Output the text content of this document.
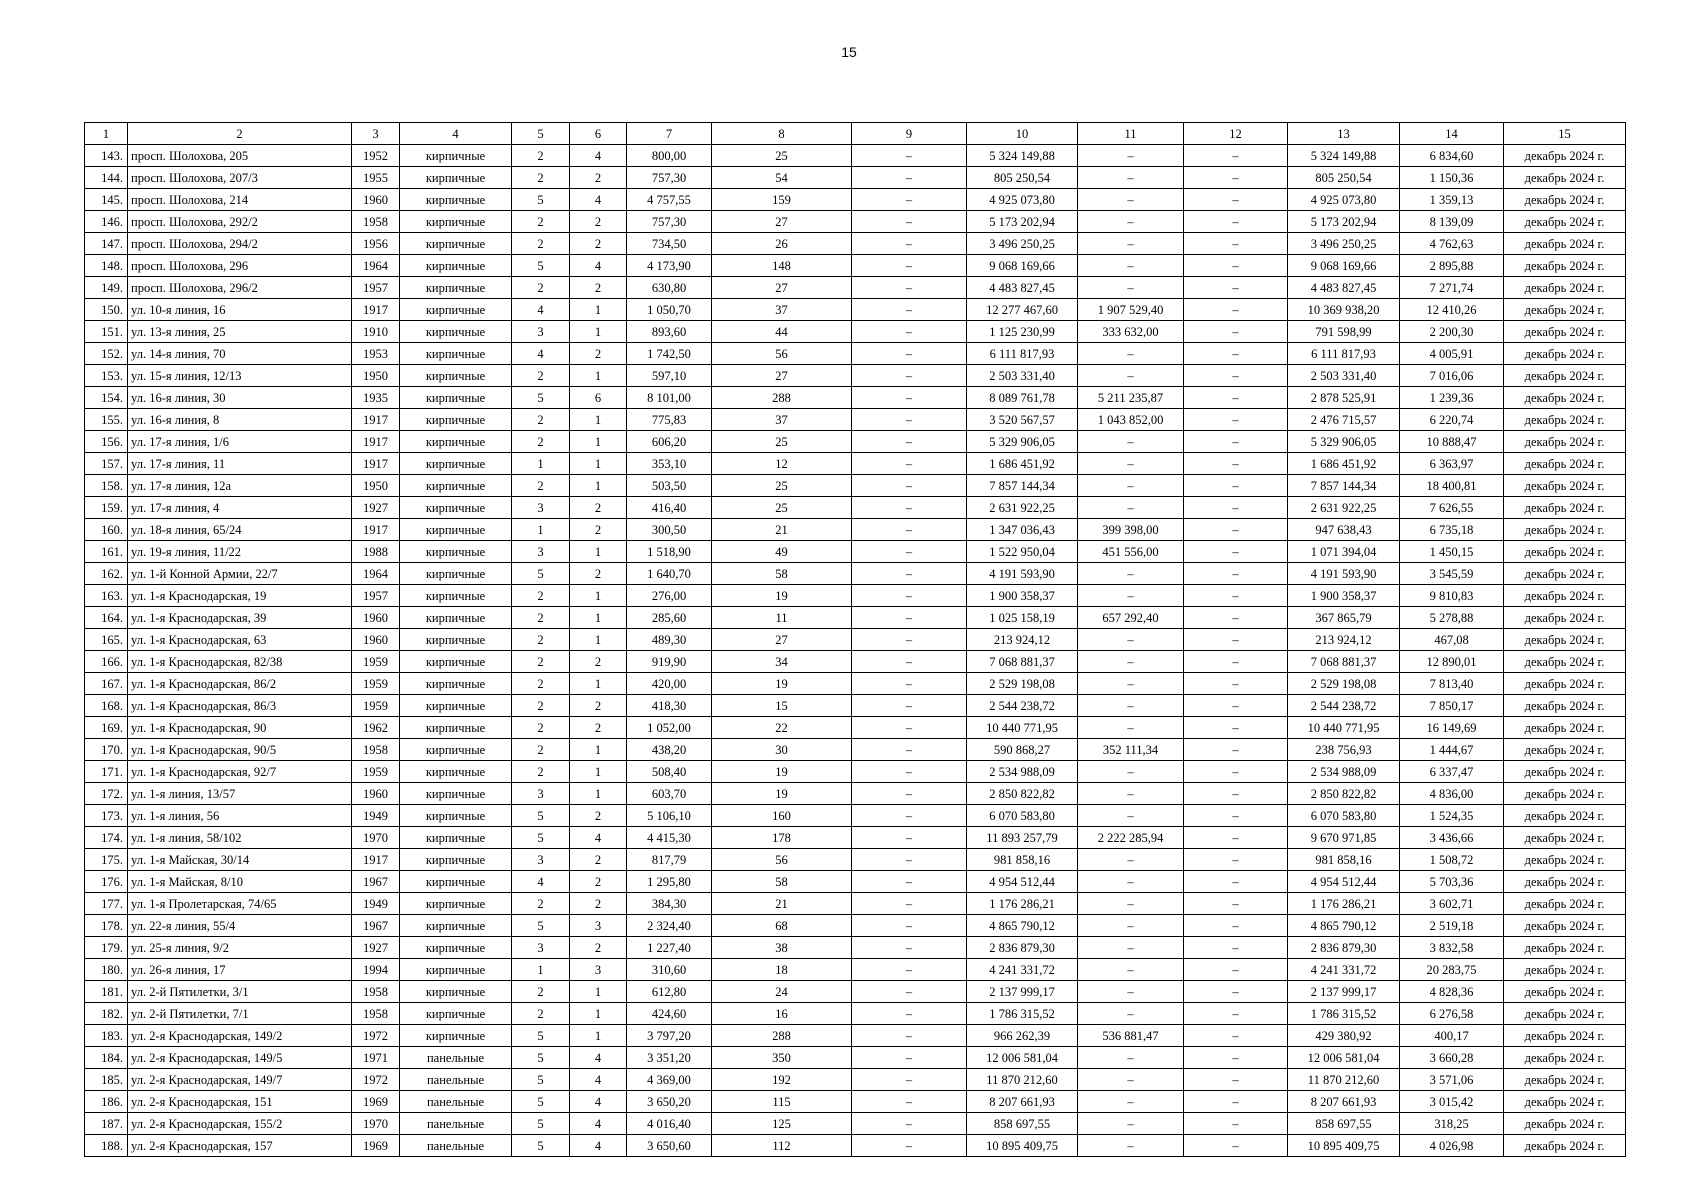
15
1	2	3	4	5	6	7	8	9	10	11	12	13	14	15
143.	просп. Шолохова, 205	1952	кирпичные	2	4	800,00	25	–	5 324 149,88	–	–	5 324 149,88	6 834,60	декабрь 2024 г.
144.	просп. Шолохова, 207/3	1955	кирпичные	2	2	757,30	54	–	805 250,54	–	–	805 250,54	1 150,36	декабрь 2024 г.
145.	просп. Шолохова, 214	1960	кирпичные	5	4	4 757,55	159	–	4 925 073,80	–	–	4 925 073,80	1 359,13	декабрь 2024 г.
146.	просп. Шолохова, 292/2	1958	кирпичные	2	2	757,30	27	–	5 173 202,94	–	–	5 173 202,94	8 139,09	декабрь 2024 г.
147.	просп. Шолохова, 294/2	1956	кирпичные	2	2	734,50	26	–	3 496 250,25	–	–	3 496 250,25	4 762,63	декабрь 2024 г.
148.	просп. Шолохова, 296	1964	кирпичные	5	4	4 173,90	148	–	9 068 169,66	–	–	9 068 169,66	2 895,88	декабрь 2024 г.
149.	просп. Шолохова, 296/2	1957	кирпичные	2	2	630,80	27	–	4 483 827,45	–	–	4 483 827,45	7 271,74	декабрь 2024 г.
150.	ул. 10-я линия, 16	1917	кирпичные	4	1	1 050,70	37	–	12 277 467,60	1 907 529,40	–	10 369 938,20	12 410,26	декабрь 2024 г.
151.	ул. 13-я линия, 25	1910	кирпичные	3	1	893,60	44	–	1 125 230,99	333 632,00	–	791 598,99	2 200,30	декабрь 2024 г.
152.	ул. 14-я линия, 70	1953	кирпичные	4	2	1 742,50	56	–	6 111 817,93	–	–	6 111 817,93	4 005,91	декабрь 2024 г.
153.	ул. 15-я линия, 12/13	1950	кирпичные	2	1	597,10	27	–	2 503 331,40	–	–	2 503 331,40	7 016,06	декабрь 2024 г.
154.	ул. 16-я линия, 30	1935	кирпичные	5	6	8 101,00	288	–	8 089 761,78	5 211 235,87	–	2 878 525,91	1 239,36	декабрь 2024 г.
155.	ул. 16-я линия, 8	1917	кирпичные	2	1	775,83	37	–	3 520 567,57	1 043 852,00	–	2 476 715,57	6 220,74	декабрь 2024 г.
156.	ул. 17-я линия, 1/6	1917	кирпичные	2	1	606,20	25	–	5 329 906,05	–	–	5 329 906,05	10 888,47	декабрь 2024 г.
157.	ул. 17-я линия, 11	1917	кирпичные	1	1	353,10	12	–	1 686 451,92	–	–	1 686 451,92	6 363,97	декабрь 2024 г.
158.	ул. 17-я линия, 12а	1950	кирпичные	2	1	503,50	25	–	7 857 144,34	–	–	7 857 144,34	18 400,81	декабрь 2024 г.
159.	ул. 17-я линия, 4	1927	кирпичные	3	2	416,40	25	–	2 631 922,25	–	–	2 631 922,25	7 626,55	декабрь 2024 г.
160.	ул. 18-я линия, 65/24	1917	кирпичные	1	2	300,50	21	–	1 347 036,43	399 398,00	–	947 638,43	6 735,18	декабрь 2024 г.
161.	ул. 19-я линия, 11/22	1988	кирпичные	3	1	1 518,90	49	–	1 522 950,04	451 556,00	–	1 071 394,04	1 450,15	декабрь 2024 г.
162.	ул. 1-й Конной Армии, 22/7	1964	кирпичные	5	2	1 640,70	58	–	4 191 593,90	–	–	4 191 593,90	3 545,59	декабрь 2024 г.
163.	ул. 1-я Краснодарская, 19	1957	кирпичные	2	1	276,00	19	–	1 900 358,37	–	–	1 900 358,37	9 810,83	декабрь 2024 г.
164.	ул. 1-я Краснодарская, 39	1960	кирпичные	2	1	285,60	11	–	1 025 158,19	657 292,40	–	367 865,79	5 278,88	декабрь 2024 г.
165.	ул. 1-я Краснодарская, 63	1960	кирпичные	2	1	489,30	27	–	213 924,12	–	–	213 924,12	467,08	декабрь 2024 г.
166.	ул. 1-я Краснодарская, 82/38	1959	кирпичные	2	2	919,90	34	–	7 068 881,37	–	–	7 068 881,37	12 890,01	декабрь 2024 г.
167.	ул. 1-я Краснодарская, 86/2	1959	кирпичные	2	1	420,00	19	–	2 529 198,08	–	–	2 529 198,08	7 813,40	декабрь 2024 г.
168.	ул. 1-я Краснодарская, 86/3	1959	кирпичные	2	2	418,30	15	–	2 544 238,72	–	–	2 544 238,72	7 850,17	декабрь 2024 г.
169.	ул. 1-я Краснодарская, 90	1962	кирпичные	2	2	1 052,00	22	–	10 440 771,95	–	–	10 440 771,95	16 149,69	декабрь 2024 г.
170.	ул. 1-я Краснодарская, 90/5	1958	кирпичные	2	1	438,20	30	–	590 868,27	352 111,34	–	238 756,93	1 444,67	декабрь 2024 г.
171.	ул. 1-я Краснодарская, 92/7	1959	кирпичные	2	1	508,40	19	–	2 534 988,09	–	–	2 534 988,09	6 337,47	декабрь 2024 г.
172.	ул. 1-я линия, 13/57	1960	кирпичные	3	1	603,70	19	–	2 850 822,82	–	–	2 850 822,82	4 836,00	декабрь 2024 г.
173.	ул. 1-я линия, 56	1949	кирпичные	5	2	5 106,10	160	–	6 070 583,80	–	–	6 070 583,80	1 524,35	декабрь 2024 г.
174.	ул. 1-я линия, 58/102	1970	кирпичные	5	4	4 415,30	178	–	11 893 257,79	2 222 285,94	–	9 670 971,85	3 436,66	декабрь 2024 г.
175.	ул. 1-я Майская, 30/14	1917	кирпичные	3	2	817,79	56	–	981 858,16	–	–	981 858,16	1 508,72	декабрь 2024 г.
176.	ул. 1-я Майская, 8/10	1967	кирпичные	4	2	1 295,80	58	–	4 954 512,44	–	–	4 954 512,44	5 703,36	декабрь 2024 г.
177.	ул. 1-я Пролетарская, 74/65	1949	кирпичные	2	2	384,30	21	–	1 176 286,21	–	–	1 176 286,21	3 602,71	декабрь 2024 г.
178.	ул. 22-я линия, 55/4	1967	кирпичные	5	3	2 324,40	68	–	4 865 790,12	–	–	4 865 790,12	2 519,18	декабрь 2024 г.
179.	ул. 25-я линия, 9/2	1927	кирпичные	3	2	1 227,40	38	–	2 836 879,30	–	–	2 836 879,30	3 832,58	декабрь 2024 г.
180.	ул. 26-я линия, 17	1994	кирпичные	1	3	310,60	18	–	4 241 331,72	–	–	4 241 331,72	20 283,75	декабрь 2024 г.
181.	ул. 2-й Пятилетки, 3/1	1958	кирпичные	2	1	612,80	24	–	2 137 999,17	–	–	2 137 999,17	4 828,36	декабрь 2024 г.
182.	ул. 2-й Пятилетки, 7/1	1958	кирпичные	2	1	424,60	16	–	1 786 315,52	–	–	1 786 315,52	6 276,58	декабрь 2024 г.
183.	ул. 2-я Краснодарская, 149/2	1972	кирпичные	5	1	3 797,20	288	–	966 262,39	536 881,47	–	429 380,92	400,17	декабрь 2024 г.
184.	ул. 2-я Краснодарская, 149/5	1971	панельные	5	4	3 351,20	350	–	12 006 581,04	–	–	12 006 581,04	3 660,28	декабрь 2024 г.
185.	ул. 2-я Краснодарская, 149/7	1972	панельные	5	4	4 369,00	192	–	11 870 212,60	–	–	11 870 212,60	3 571,06	декабрь 2024 г.
186.	ул. 2-я Краснодарская, 151	1969	панельные	5	4	3 650,20	115	–	8 207 661,93	–	–	8 207 661,93	3 015,42	декабрь 2024 г.
187.	ул. 2-я Краснодарская, 155/2	1970	панельные	5	4	4 016,40	125	–	858 697,55	–	–	858 697,55	318,25	декабрь 2024 г.
188.	ул. 2-я Краснодарская, 157	1969	панельные	5	4	3 650,60	112	–	10 895 409,75	–	–	10 895 409,75	4 026,98	декабрь 2024 г.
